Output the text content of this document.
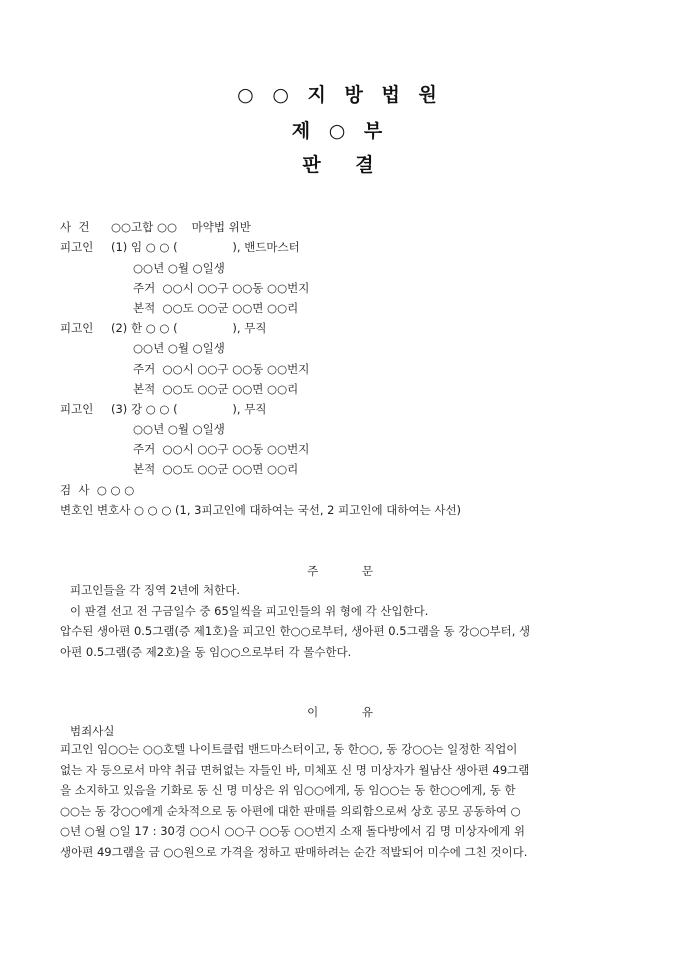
○ ○ 지 방 법 원
제 ○ 부
판 결
사  건 ○○고합 ○○    마약법 위반
피고인 (1) 임 ○ ○ (               ), 밴드마스터
○○년 ○월 ○일생
주거  ○○시 ○○구 ○○동 ○○번지
본적  ○○도 ○○군 ○○면 ○○리
피고인 (2) 한 ○ ○ (               ), 무직
○○년 ○월 ○일생
주거  ○○시 ○○구 ○○동 ○○번지
본적  ○○도 ○○군 ○○면 ○○리
피고인 (3) 강 ○ ○ (               ), 무직
○○년 ○월 ○일생
주거  ○○시 ○○구 ○○동 ○○번지
본적  ○○도 ○○군 ○○면 ○○리
검  사  ○ ○ ○
변호인 변호사 ○ ○ ○ (1, 3피고인에 대하여는 국선, 2 피고인에 대하여는 사선)
주 문
피고인들을 각 징역 2년에 처한다.
이 판결 선고 전 구금일수 중 65일씩을 피고인들의 위 형에 각 산입한다.
압수된 생아편 0.5그램(증 제1호)을 피고인 한○○로부터, 생아편 0.5그램을 동 강○○부터, 생
아편 0.5그램(증 제2호)을 동 임○○으로부터 각 몰수한다.
이 유
범죄사실
피고인 임○○는 ○○호텔 나이트클럽 밴드마스터이고, 동 한○○, 동 강○○는 일정한 직업이
없는 자 등으로서 마약 취급 면허없는 자들인 바, 미체포 신 명 미상자가 월남산 생아편 49그램
을 소지하고 있음을 기화로 동 신 명 미상은 위 임○○에게, 동 임○○는 동 한○○에게, 동 한
○○는 동 강○○에게 순차적으로 동 아편에 대한 판매를 의뢰함으로써 상호 공모 공동하여 ○
○년 ○월 ○일 17 : 30경 ○○시 ○○구 ○○동 ○○번지 소재 돌다방에서 김 명 미상자에게 위
생아편 49그램을 금 ○○원으로 가격을 정하고 판매하려는 순간 적발되어 미수에 그친 것이다.
